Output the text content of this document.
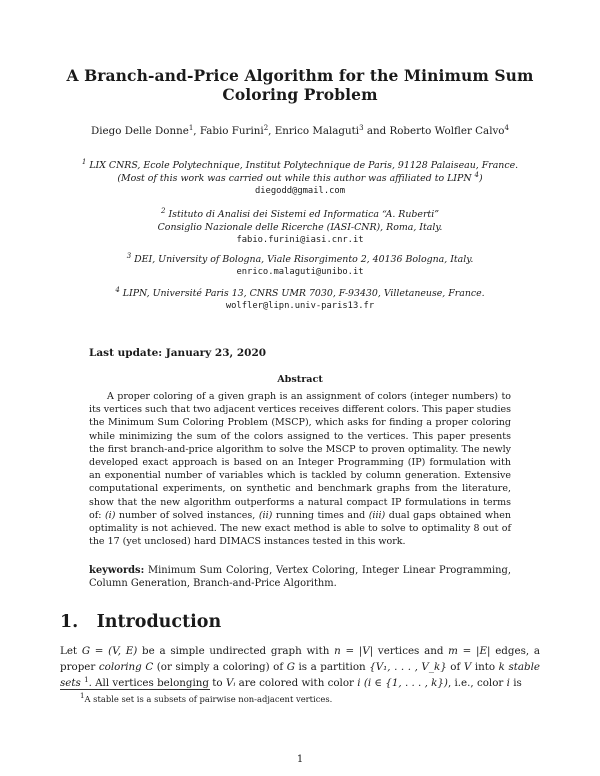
A Branch-and-Price Algorithm for the Minimum Sum
Coloring Problem
Diego Delle Donne$^1$, Fabio Furini$^2$, Enrico Malaguti$^3$ and Roberto Wolfler Calvo$^4$
$^1$ LIX CNRS, Ecole Polytechnique, Institut Polytechnique de Paris, 91128 Palaiseau, France.
(Most of this work was carried out while this author was affiliated to LIPN $^4$)
diegodd@gmail.com
$^2$ Istituto di Analisi dei Sistemi ed Informatica “A. Ruberti”
Consiglio Nazionale delle Ricerche (IASI-CNR), Roma, Italy.
fabio.furini@iasi.cnr.it
$^3$ DEI, University of Bologna, Viale Risorgimento 2, 40136 Bologna, Italy.
enrico.malaguti@unibo.it
$^4$ LIPN, Université Paris 13, CNRS UMR 7030, F-93430, Villetaneuse, France.
wolfler@lipn.univ-paris13.fr
Last update: January 23, 2020
Abstract

A proper coloring of a given graph is an assignment of colors (integer numbers) to its vertices such that two adjacent vertices receives different colors. This paper studies the Minimum Sum Coloring Problem (MSCP), which asks for finding a proper coloring while minimizing the sum of the colors assigned to the vertices. This paper presents the first branch-and-price algorithm to solve the MSCP to proven optimality. The newly developed exact approach is based on an Integer Programming (IP) formulation with an exponential number of variables which is tackled by column generation. Extensive computational experiments, on synthetic and benchmark graphs from the literature, show that the new algorithm outperforms a natural compact IP formulations in terms of: (i) number of solved instances, (ii) running times and (iii) dual gaps obtained when optimality is not achieved. The new exact method is able to solve to optimality 8 out of the 17 (yet unclosed) hard DIMACS instances tested in this work.

keywords: Minimum Sum Coloring, Vertex Coloring, Integer Linear Programming, Column Generation, Branch-and-Price Algorithm.

1. Introduction

Let G = (V, E) be a simple undirected graph with n = |V| vertices and m = |E| edges, a proper coloring C (or simply a coloring) of G is a partition {V₁, . . . , V_k} of V into k stable sets $^1$. All vertices belonging to Vᵢ are colored with color i (i ∈ {1, . . . , k}), i.e., color i is

$^1$A stable set is a subsets of pairwise non-adjacent vertices.
1
